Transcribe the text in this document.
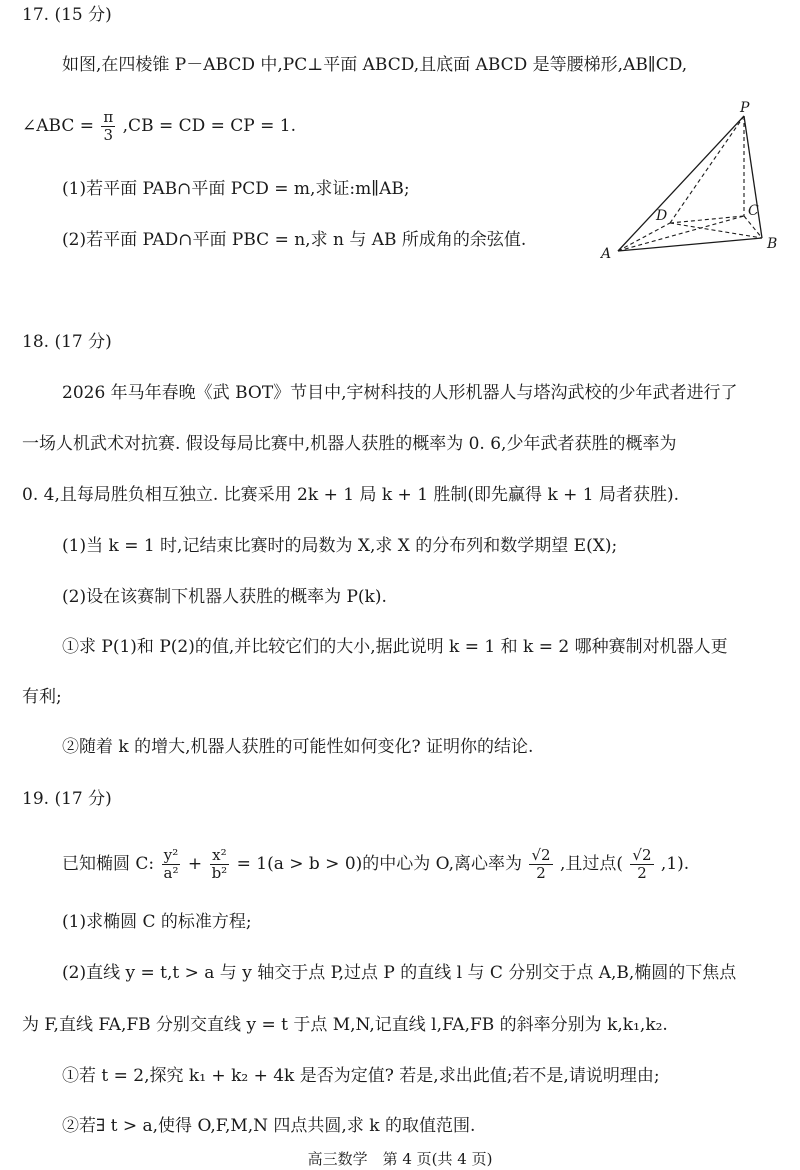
17. (15 分)
如图,在四棱锥 P－ABCD 中,PC⊥平面 ABCD,且底面 ABCD 是等腰梯形,AB∥CD,
∠ABC = $\frac{\pi}{3} ,CB$ = CD = CP = 1.
(1)若平面 PAB∩平面 PCD = m,求证:m∥AB;
(2)若平面 PAD∩平面 PBC = n,求 n 与 AB 所成角的余弦值.
P
A
B
C
D
18. (17 分)
2026 年马年春晚《武 BOT》节目中,宇树科技的人形机器人与塔沟武校的少年武者进行了
一场人机武术对抗赛. 假设每局比赛中,机器人获胜的概率为 0. 6,少年武者获胜的概率为
0. 4,且每局胜负相互独立. 比赛采用 2k + 1 局 k + 1 胜制(即先赢得 k + 1 局者获胜).
(1)当 k = 1 时,记结束比赛时的局数为 X,求 X 的分布列和数学期望 E(X);
(2)设在该赛制下机器人获胜的概率为 P(k).
①求 P(1)和 P(2)的值,并比较它们的大小,据此说明 k = 1 和 k = 2 哪种赛制对机器人更
有利;
②随着 k 的增大,机器人获胜的可能性如何变化? 证明你的结论.
19. (17 分)
已知椭圆 C: $\frac{\text{y²}}{\text{a²}} + \frac{\text{x²}}{\text{b²}} = 1(a > b > 0)$的中心为 O,离心率为 $\frac{√2}{2}$ ,且过点( $\frac{√2}{2} ,1$).
(1)求椭圆 C 的标准方程;
(2)直线 y = t,t > a 与 y 轴交于点 P,过点 P 的直线 l 与 C 分别交于点 A,B,椭圆的下焦点
为 F,直线 FA,FB 分别交直线 y = t 于点 M,N,记直线 l,FA,FB 的斜率分别为 k,k₁,k₂.
①若 t = 2,探究 k₁ + k₂ + 4k 是否为定值? 若是,求出此值;若不是,请说明理由;
②若∃ t > a,使得 O,F,M,N 四点共圆,求 k 的取值范围.
高三数学　第 4 页(共 4 页)
